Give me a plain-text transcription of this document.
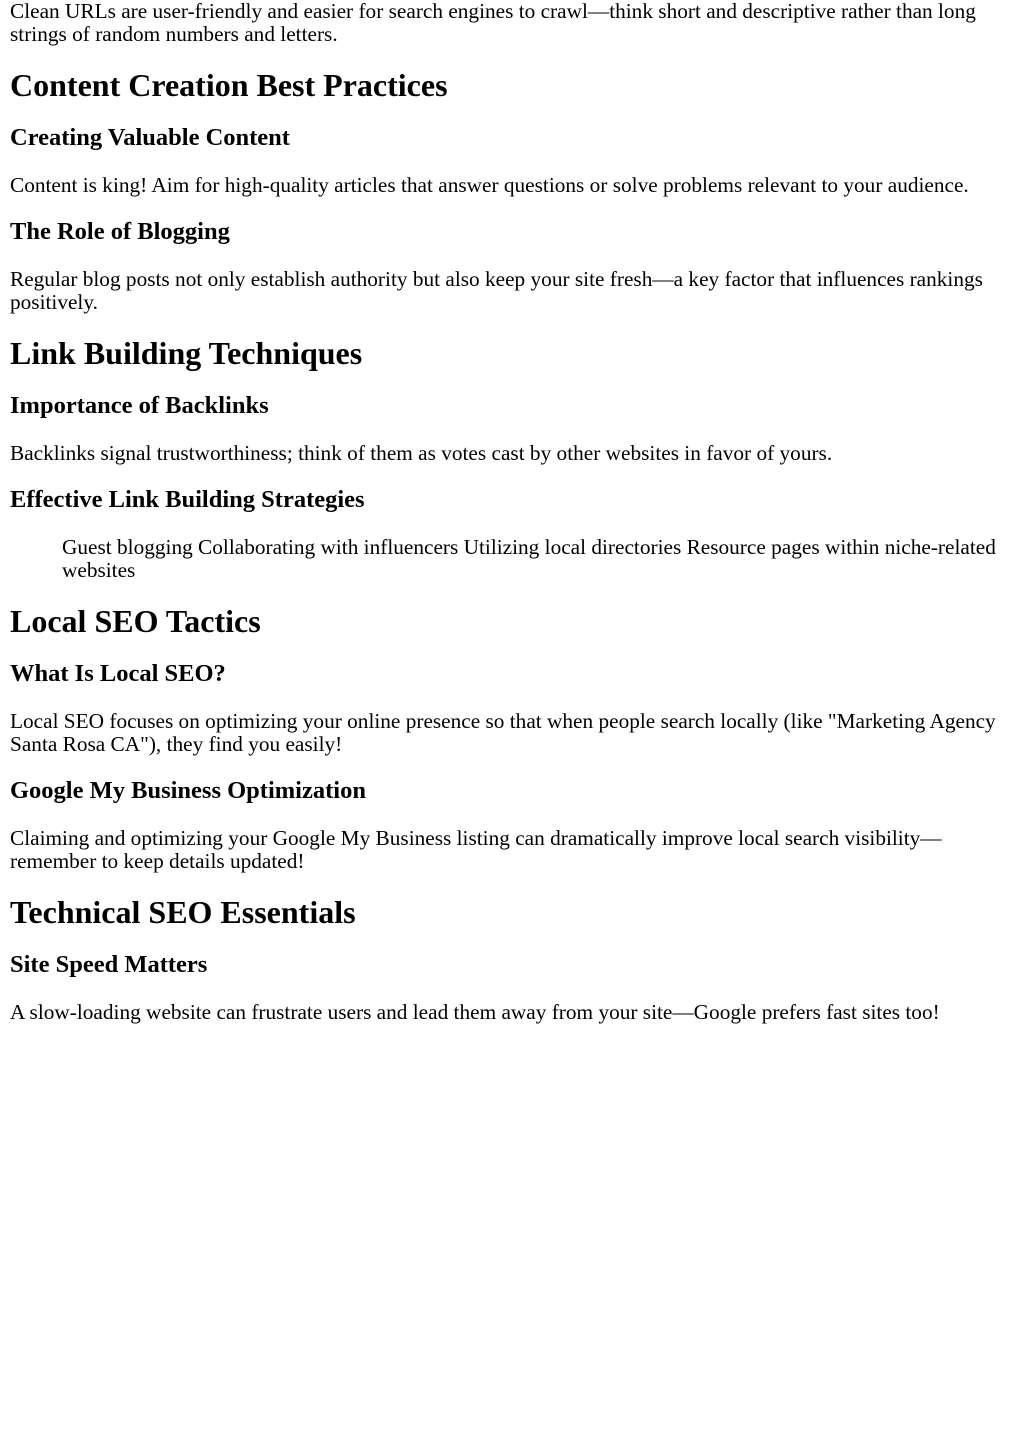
Clean URLs are user-friendly and easier for search engines to crawl—think short and descriptive rather than long strings of random numbers and letters.

Content Creation Best Practices
Creating Valuable Content

Content is king! Aim for high-quality articles that answer questions or solve problems relevant to your audience.

The Role of Blogging

Regular blog posts not only establish authority but also keep your site fresh—a key factor that influences rankings positively.

Link Building Techniques
Importance of Backlinks

Backlinks signal trustworthiness; think of them as votes cast by other websites in favor of yours.

Effective Link Building Strategies
Guest blogging Collaborating with influencers Utilizing local directories Resource pages within niche-related websites
Local SEO Tactics
What Is Local SEO?

Local SEO focuses on optimizing your online presence so that when people search locally (like "Marketing Agency Santa Rosa CA"), they find you easily!

Google My Business Optimization

Claiming and optimizing your Google My Business listing can dramatically improve local search visibility—remember to keep details updated!

Technical SEO Essentials
Site Speed Matters

A slow-loading website can frustrate users and lead them away from your site—Google prefers fast sites too!
